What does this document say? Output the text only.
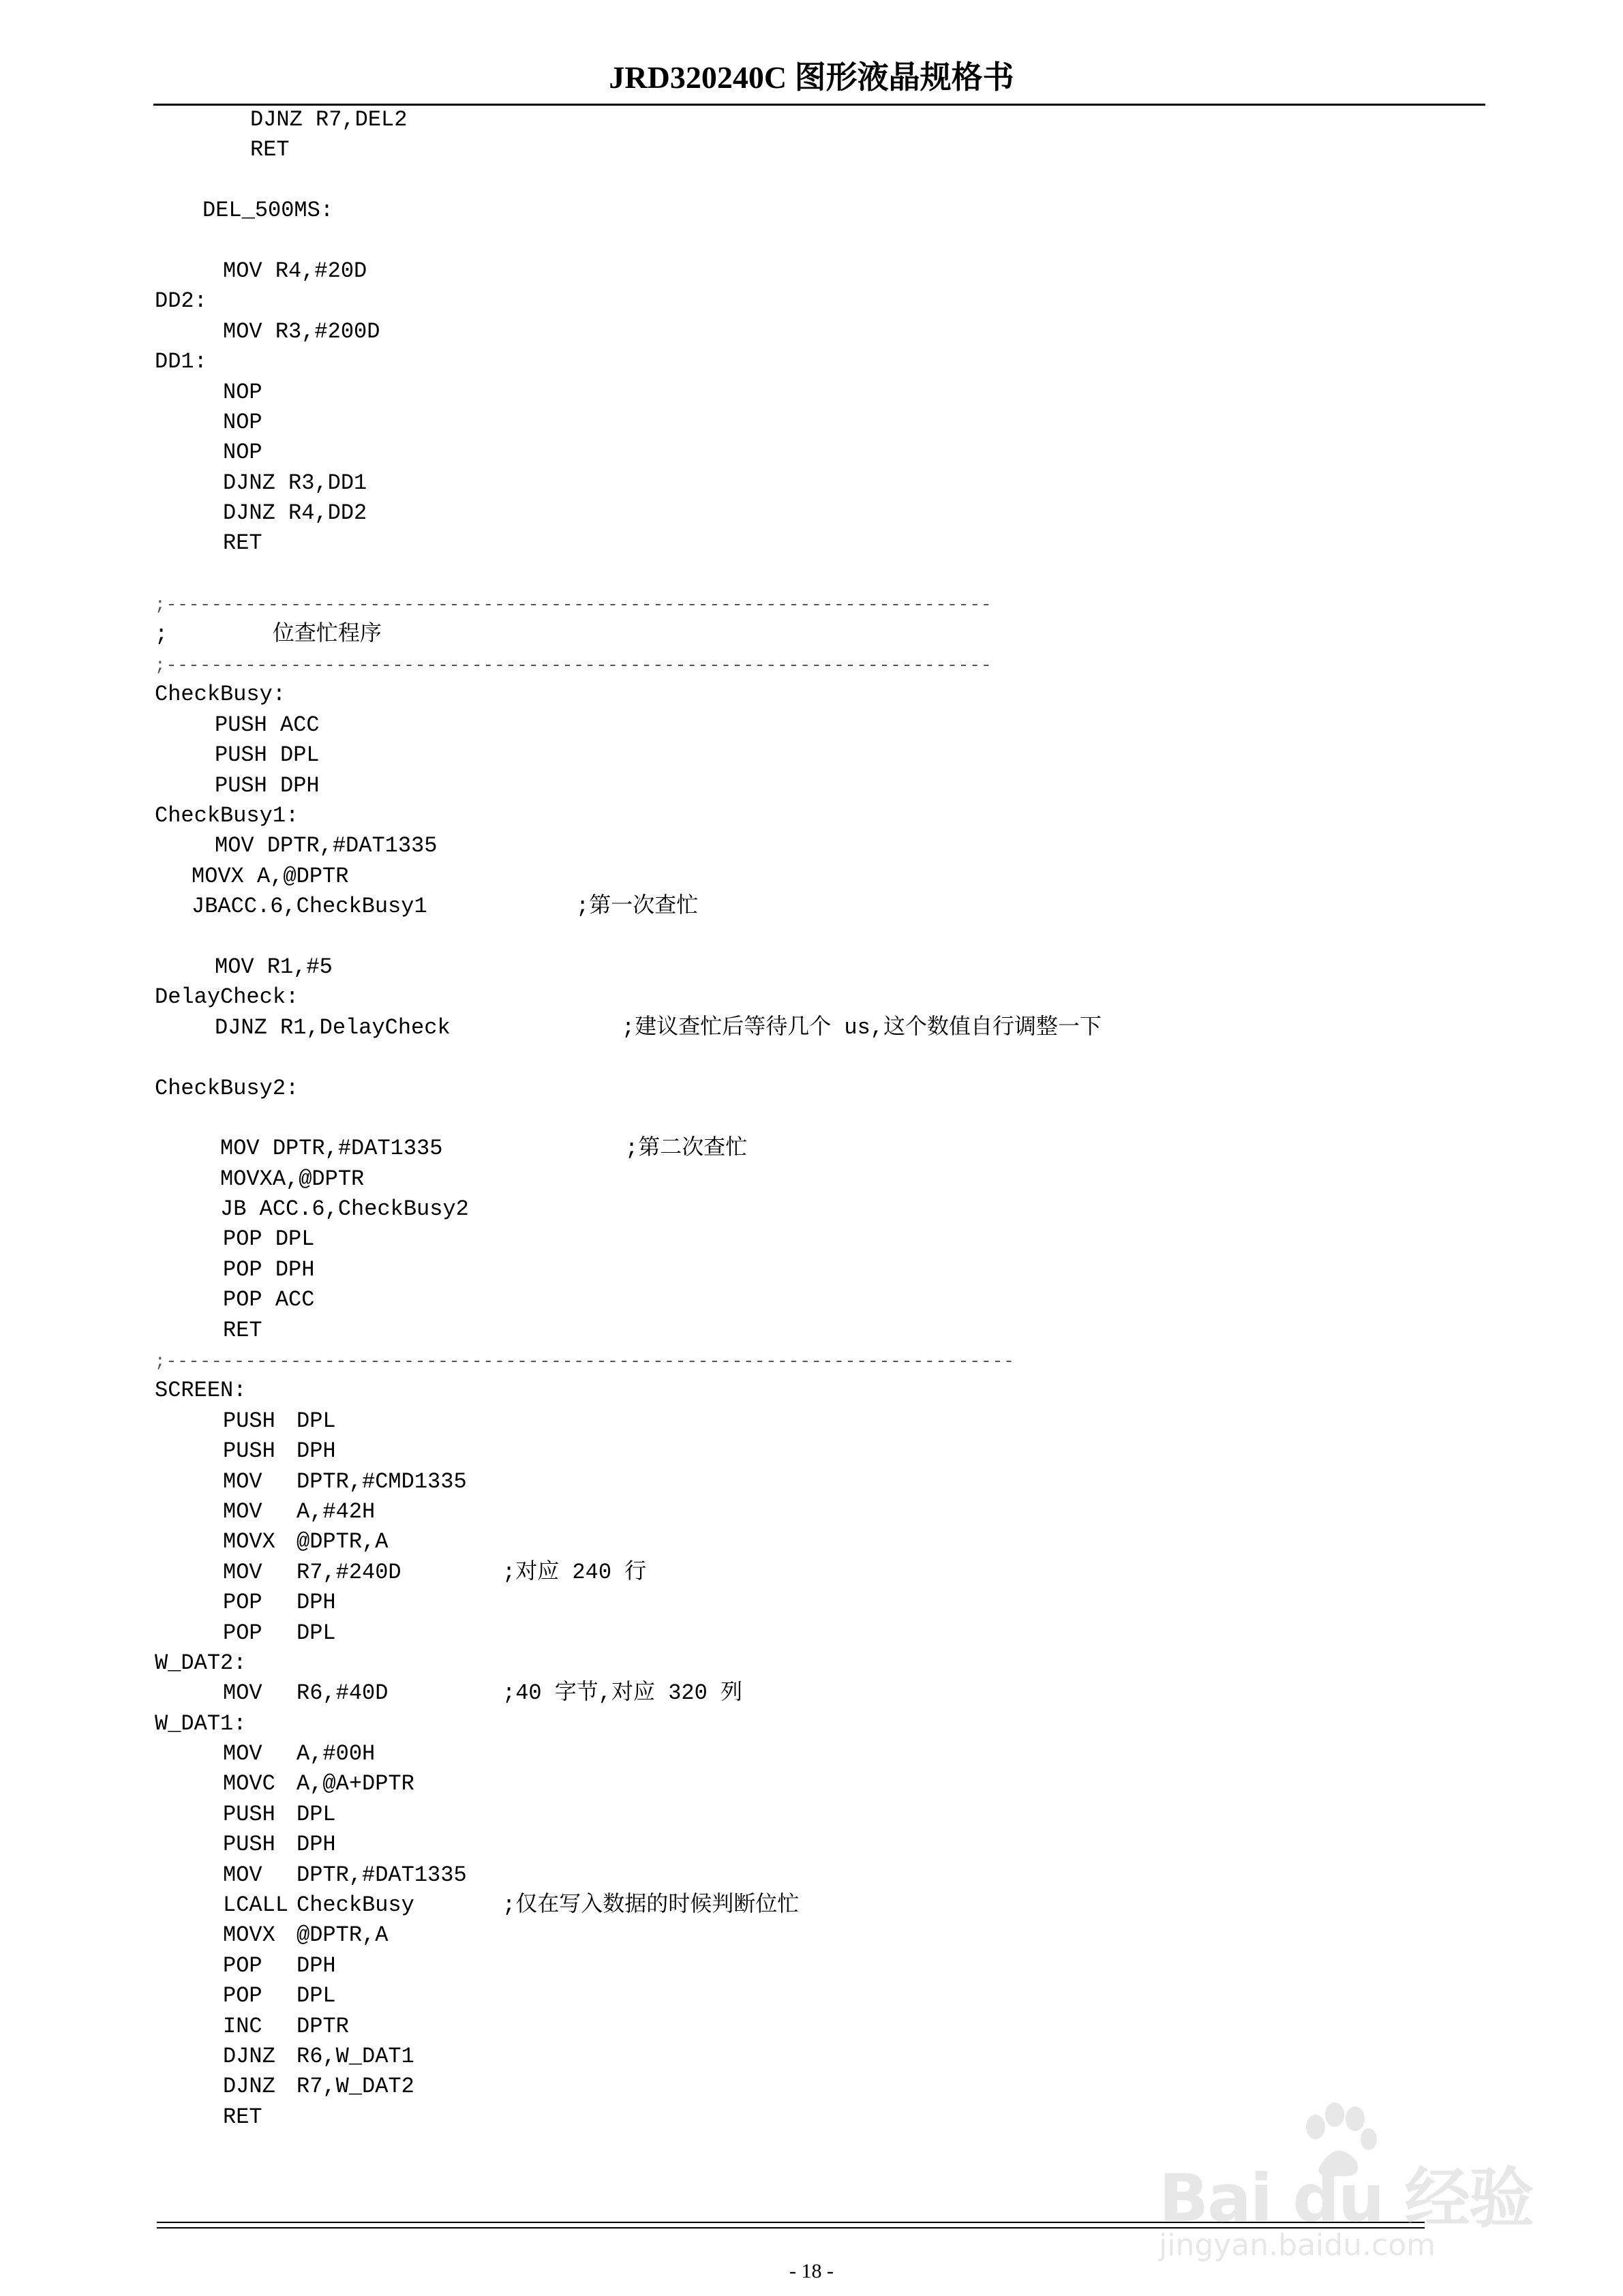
JRD320240C 图形液晶规格书
DJNZ R7,DEL2
RET
DEL_500MS:
MOV R4,#20D
DD2:
MOV R3,#200D
DD1:
NOP
NOP
NOP
DJNZ R3,DD1
DJNZ R4,DD2
RET
;-------------------------------------------------------------------------
;        位查忙程序
;-------------------------------------------------------------------------
CheckBusy:
PUSH ACC
PUSH DPL
PUSH DPH
CheckBusy1:
MOV DPTR,#DAT1335
MOVX A,@DPTR
JBACC.6,CheckBusy1	;第一次查忙
MOV R1,#5
DelayCheck:
DJNZ R1,DelayCheck	;建议查忙后等待几个 us,这个数值自行调整一下
CheckBusy2:
MOV DPTR,#DAT1335	;第二次查忙
MOVXA,@DPTR
JB ACC.6,CheckBusy2
POP DPL
POP DPH
POP ACC
RET
;---------------------------------------------------------------------------
SCREEN:
PUSH DPL
PUSH DPH
MOV DPTR,#CMD1335
MOV A,#42H
MOVX @DPTR,A
MOV R7,#240D	;对应 240 行
POP DPH
POP DPL
W_DAT2:
MOV R6,#40D	;40 字节,对应 320 列
W_DAT1:
MOV A,#00H
MOVC A,@A+DPTR
PUSH DPL
PUSH DPH
MOV DPTR,#DAT1335
LCALL CheckBusy	;仅在写入数据的时候判断位忙
MOVX @DPTR,A
POP DPH
POP DPL
INC DPTR
DJNZ R6,W_DAT1
DJNZ R7,W_DAT2
RET
- 18 -
Bai du 经验
jingyan.baidu.com
